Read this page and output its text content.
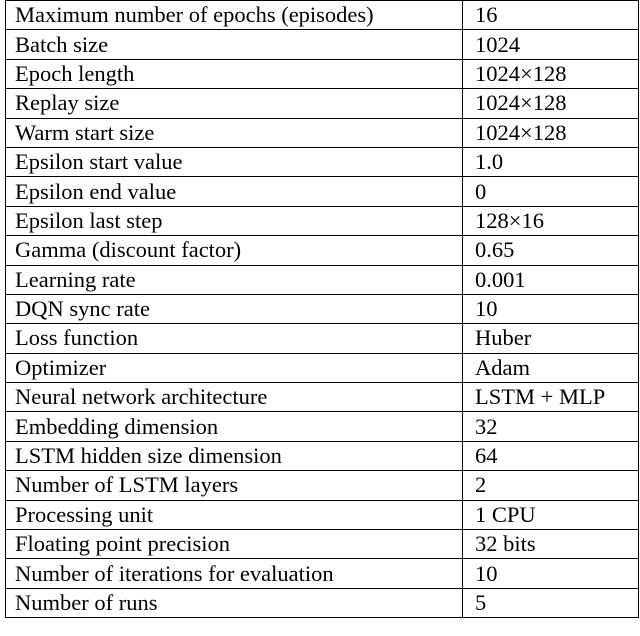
Maximum number of epochs (episodes)	16
Batch size	1024
Epoch length	1024×128
Replay size	1024×128
Warm start size	1024×128
Epsilon start value	1.0
Epsilon end value	0
Epsilon last step	128×16
Gamma (discount factor)	0.65
Learning rate	0.001
DQN sync rate	10
Loss function	Huber
Optimizer	Adam
Neural network architecture	LSTM + MLP
Embedding dimension	32
LSTM hidden size dimension	64
Number of LSTM layers	2
Processing unit	1 CPU
Floating point precision	32 bits
Number of iterations for evaluation	10
Number of runs	5
